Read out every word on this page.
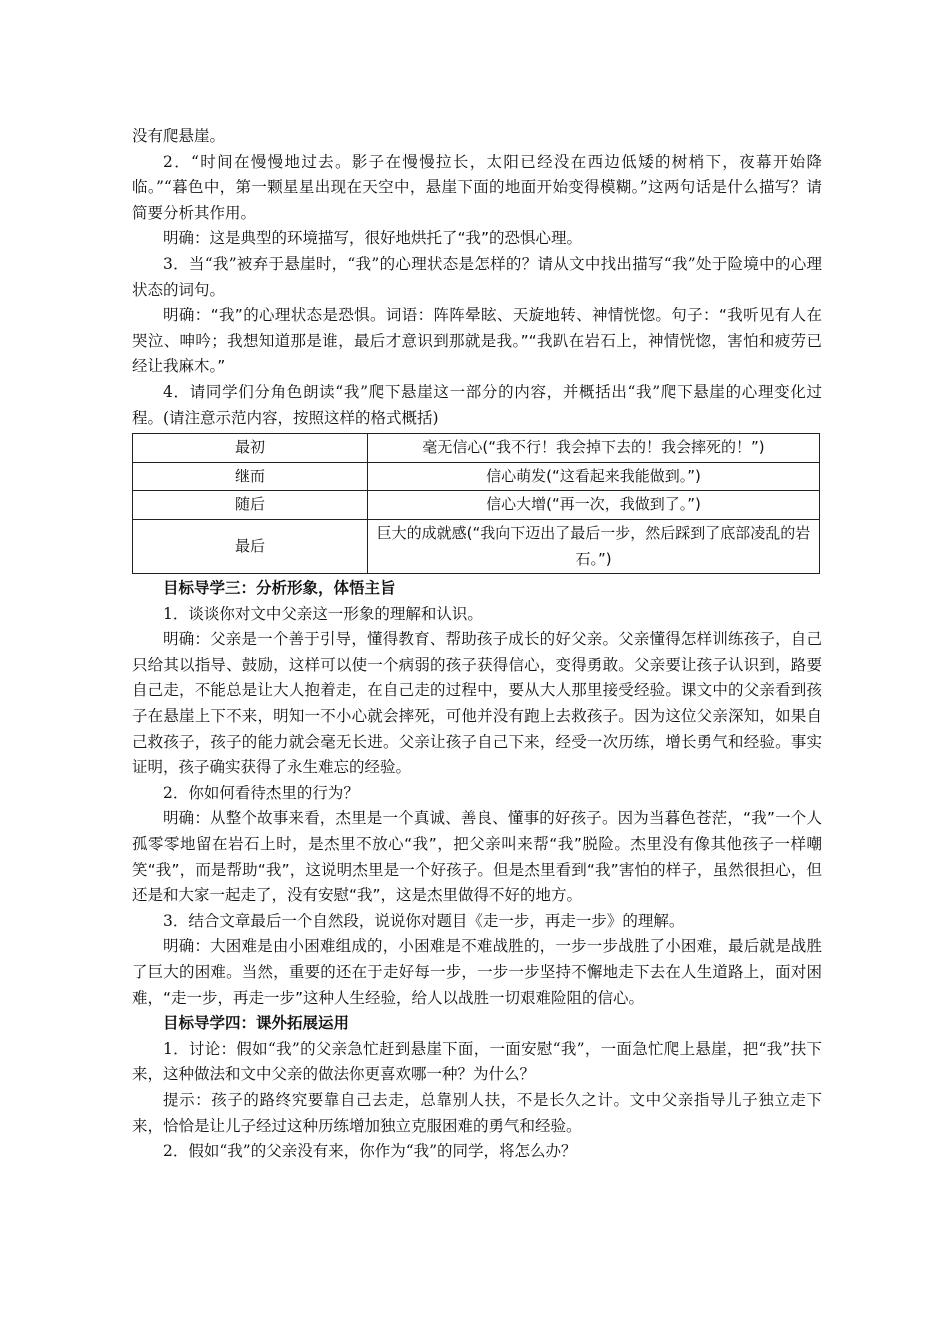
没有爬悬崖。

2．“时间在慢慢地过去。影子在慢慢拉长，太阳已经没在西边低矮的树梢下，夜幕开始降临。”“暮色中，第一颗星星出现在天空中，悬崖下面的地面开始变得模糊。”这两句话是什么描写？请简要分析其作用。

明确：这是典型的环境描写，很好地烘托了“我”的恐惧心理。

3．当“我”被弃于悬崖时，“我”的心理状态是怎样的？请从文中找出描写“我”处于险境中的心理状态的词句。

明确：“我”的心理状态是恐惧。词语：阵阵晕眩、天旋地转、神情恍惚。句子：“我听见有人在哭泣、呻吟；我想知道那是谁，最后才意识到那就是我。”“我趴在岩石上，神情恍惚，害怕和疲劳已经让我麻木。”

4．请同学们分角色朗读“我”爬下悬崖这一部分的内容，并概括出“我”爬下悬崖的心理变化过程。(请注意示范内容，按照这样的格式概括)

最初	毫无信心(“我不行！我会掉下去的！我会摔死的！”)
继而	信心萌发(“这看起来我能做到。”)
随后	信心大增(“再一次，我做到了。”)
最后	巨大的成就感(“我向下迈出了最后一步，然后踩到了底部凌乱的岩石。”)

目标导学三：分析形象，体悟主旨

1．谈谈你对文中父亲这一形象的理解和认识。

明确：父亲是一个善于引导，懂得教育、帮助孩子成长的好父亲。父亲懂得怎样训练孩子，自己只给其以指导、鼓励，这样可以使一个病弱的孩子获得信心，变得勇敢。父亲要让孩子认识到，路要自己走，不能总是让大人抱着走，在自己走的过程中，要从大人那里接受经验。课文中的父亲看到孩子在悬崖上下不来，明知一不小心就会摔死，可他并没有跑上去救孩子。因为这位父亲深知，如果自己救孩子，孩子的能力就会毫无长进。父亲让孩子自己下来，经受一次历练，增长勇气和经验。事实证明，孩子确实获得了永生难忘的经验。

2．你如何看待杰里的行为？

明确：从整个故事来看，杰里是一个真诚、善良、懂事的好孩子。因为当暮色苍茫，“我”一个人孤零零地留在岩石上时，是杰里不放心“我”，把父亲叫来帮“我”脱险。杰里没有像其他孩子一样嘲笑“我”，而是帮助“我”，这说明杰里是一个好孩子。但是杰里看到“我”害怕的样子，虽然很担心，但还是和大家一起走了，没有安慰“我”，这是杰里做得不好的地方。

3．结合文章最后一个自然段，说说你对题目《走一步，再走一步》的理解。

明确：大困难是由小困难组成的，小困难是不难战胜的，一步一步战胜了小困难，最后就是战胜了巨大的困难。当然，重要的还在于走好每一步，一步一步坚持不懈地走下去在人生道路上，面对困难，“走一步，再走一步”这种人生经验，给人以战胜一切艰难险阻的信心。

目标导学四：课外拓展运用

1．讨论：假如“我”的父亲急忙赶到悬崖下面，一面安慰“我”，一面急忙爬上悬崖，把“我”扶下来，这种做法和文中父亲的做法你更喜欢哪一种？为什么？

提示：孩子的路终究要靠自己去走，总靠别人扶，不是长久之计。文中父亲指导儿子独立走下来，恰恰是让儿子经过这种历练增加独立克服困难的勇气和经验。

2．假如“我”的父亲没有来，你作为“我”的同学，将怎么办？
